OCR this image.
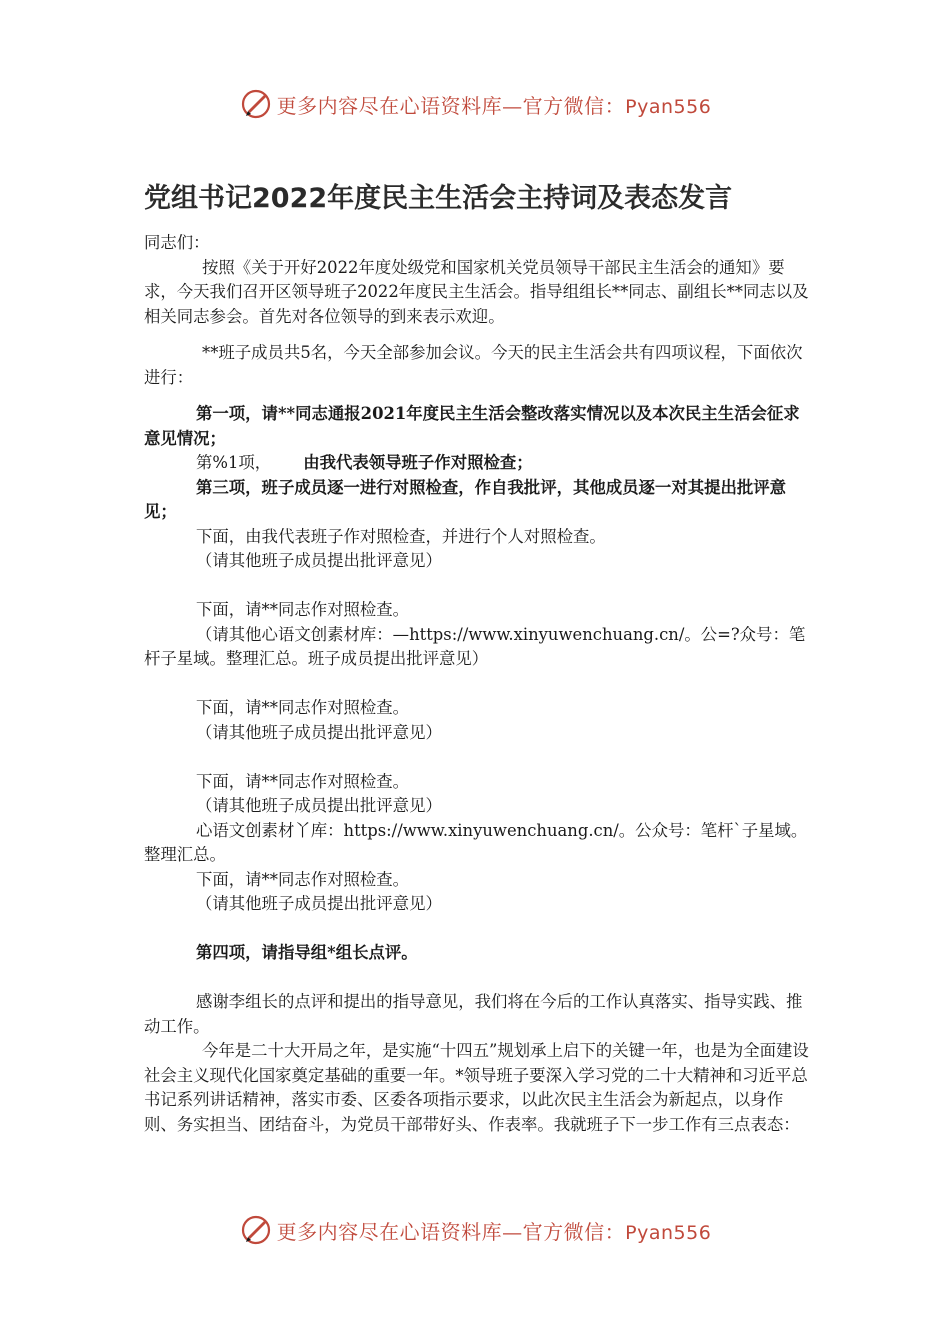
更多内容尽在心语资料库—官方微信：Pyan556
党组书记2022年度民主生活会主持词及表态发言

同志们：

按照《关于开好2022年度处级党和国家机关党员领导干部民主生活会的通知》要求，今天我们召开区领导班子2022年度民主生活会。指导组组长**同志、副组长**同志以及相关同志参会。首先对各位领导的到来表示欢迎。

**班子成员共5名，今天全部参加会议。今天的民主生活会共有四项议程，下面依次进行：

第一项，请**同志通报2021年度民主生活会整改落实情况以及本次民主生活会征求意见情况；

第%1项， 由我代表领导班子作对照检查；

第三项，班子成员逐一进行对照检查，作自我批评，其他成员逐一对其提出批评意见；

下面，由我代表班子作对照检查，并进行个人对照检查。

（请其他班子成员提出批评意见）

下面，请**同志作对照检查。

（请其他心语文创素材库：—https://www.xinyuwenchuang.cn/。公=?众号：笔杆子星域。整理汇总。班子成员提出批评意见）

下面，请**同志作对照检查。

（请其他班子成员提出批评意见）

下面，请**同志作对照检查。

（请其他班子成员提出批评意见）

心语文创素材丫库：https://www.xinyuwenchuang.cn/。公众号：笔杆`子星域。整理汇总。

下面，请**同志作对照检查。

（请其他班子成员提出批评意见）

第四项，请指导组*组长点评。

感谢李组长的点评和提出的指导意见，我们将在今后的工作认真落实、指导实践、推动工作。

今年是二十大开局之年，是实施“十四五”规划承上启下的关键一年，也是为全面建设社会主义现代化国家奠定基础的重要一年。*领导班子要深入学习党的二十大精神和习近平总书记系列讲话精神，落实市委、区委各项指示要求，以此次民主生活会为新起点，以身作则、务实担当、团结奋斗，为党员干部带好头、作表率。我就班子下一步工作有三点表态：

更多内容尽在心语资料库—官方微信：Pyan556
